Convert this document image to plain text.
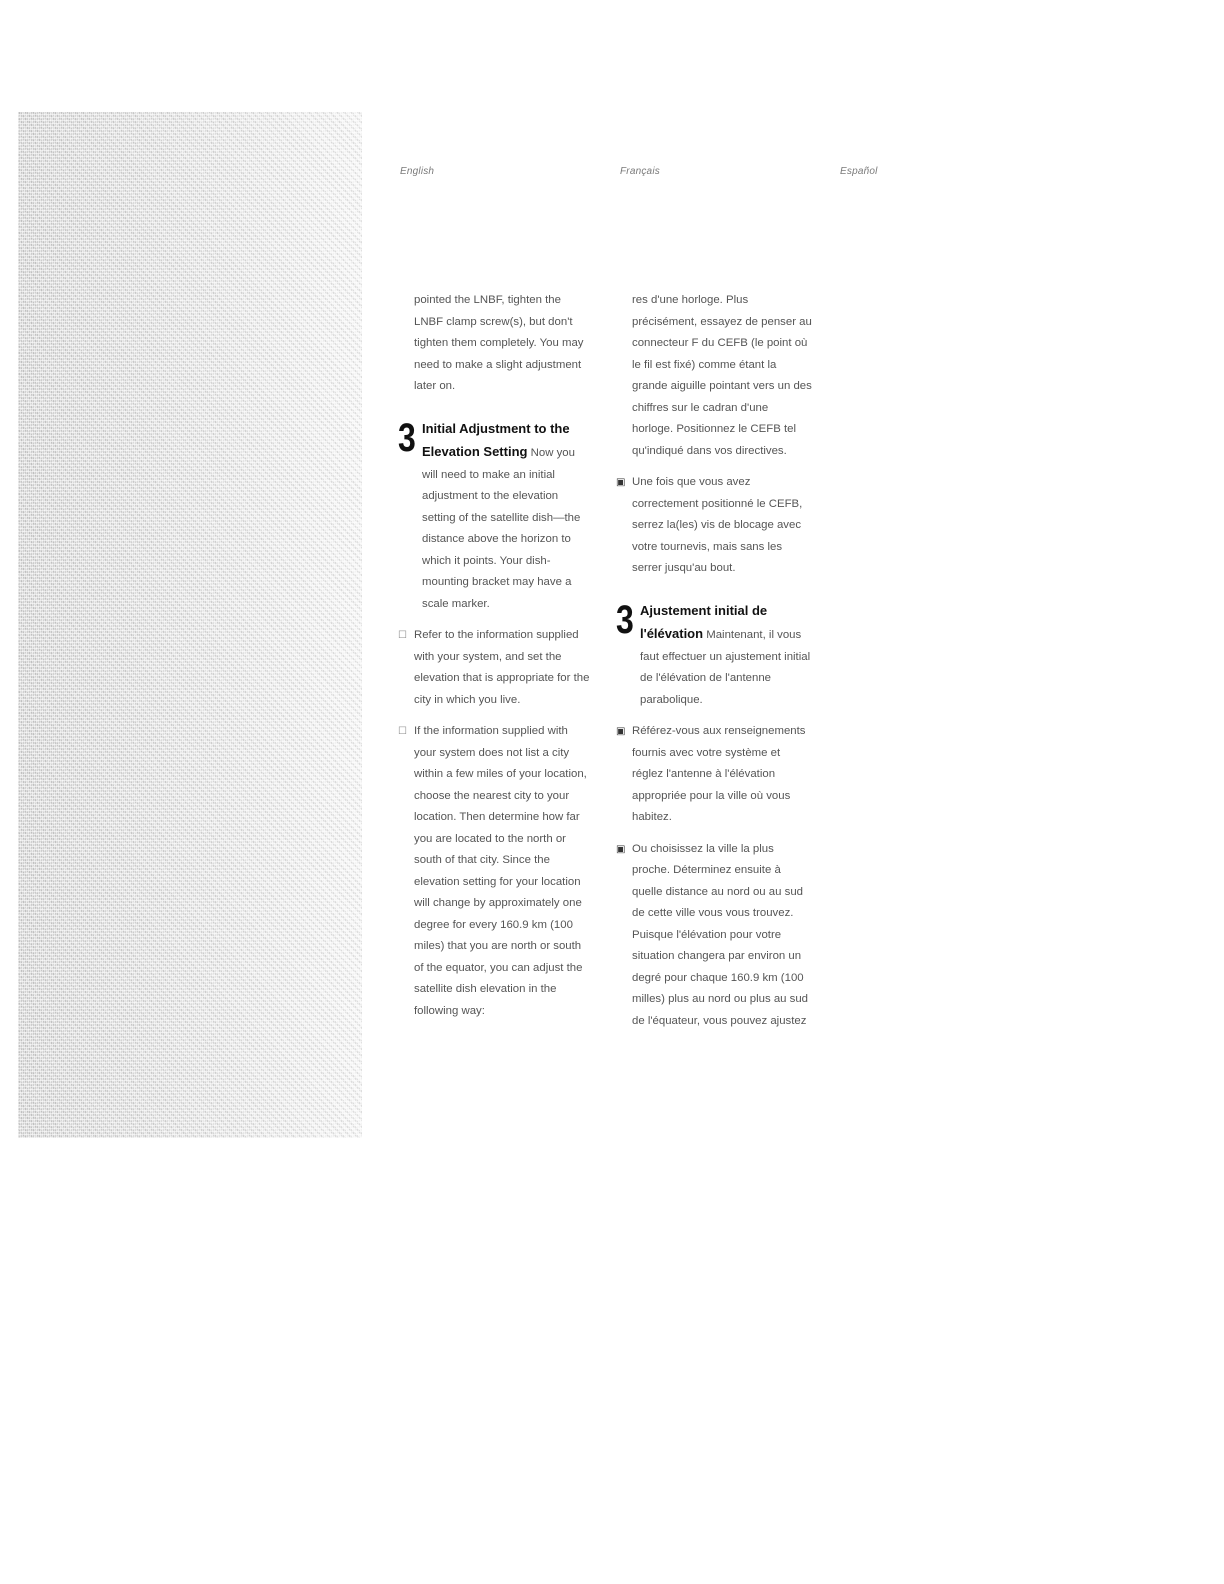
English	Français	Español

pointed the LNBF, tighten the LNBF clamp screw(s), but don't tighten them completely. You may need to make a slight adjustment later on.

3 Initial Adjustment to the Elevation Setting Now you will need to make an initial adjustment to the elevation setting of the satellite dish—the distance above the horizon to which it points. Your dish-mounting bracket may have a scale marker.
☐ Refer to the information supplied with your system, and set the elevation that is appropriate for the city in which you live.
☐ If the information supplied with your system does not list a city within a few miles of your location, choose the nearest city to your location. Then determine how far you are located to the north or south of that city. Since the elevation setting for your location will change by approximately one degree for every 160.9 km (100 miles) that you are north or south of the equator, you can adjust the satellite dish elevation in the following way:

res d'une horloge. Plus précisément, essayez de penser au connecteur F du CEFB (le point où le fil est fixé) comme étant la grande aiguille pointant vers un des chiffres sur le cadran d'une horloge. Positionnez le CEFB tel qu'indiqué dans vos directives.

▣ Une fois que vous avez correctement positionné le CEFB, serrez la(les) vis de blocage avec votre tournevis, mais sans les serrer jusqu'au bout.
3 Ajustement initial de l'élévation Maintenant, il vous faut effectuer un ajustement initial de l'élévation de l'antenne parabolique.
▣ Référez-vous aux renseignements fournis avec votre système et réglez l'antenne à l'élévation appropriée pour la ville où vous habitez.
▣ Ou choisissez la ville la plus proche. Déterminez ensuite à quelle distance au nord ou au sud de cette ville vous vous trouvez. Puisque l'élévation pour votre situation changera par environ un degré pour chaque 160.9 km (100 milles) plus au nord ou plus au sud de l'équateur, vous pouvez ajustez
